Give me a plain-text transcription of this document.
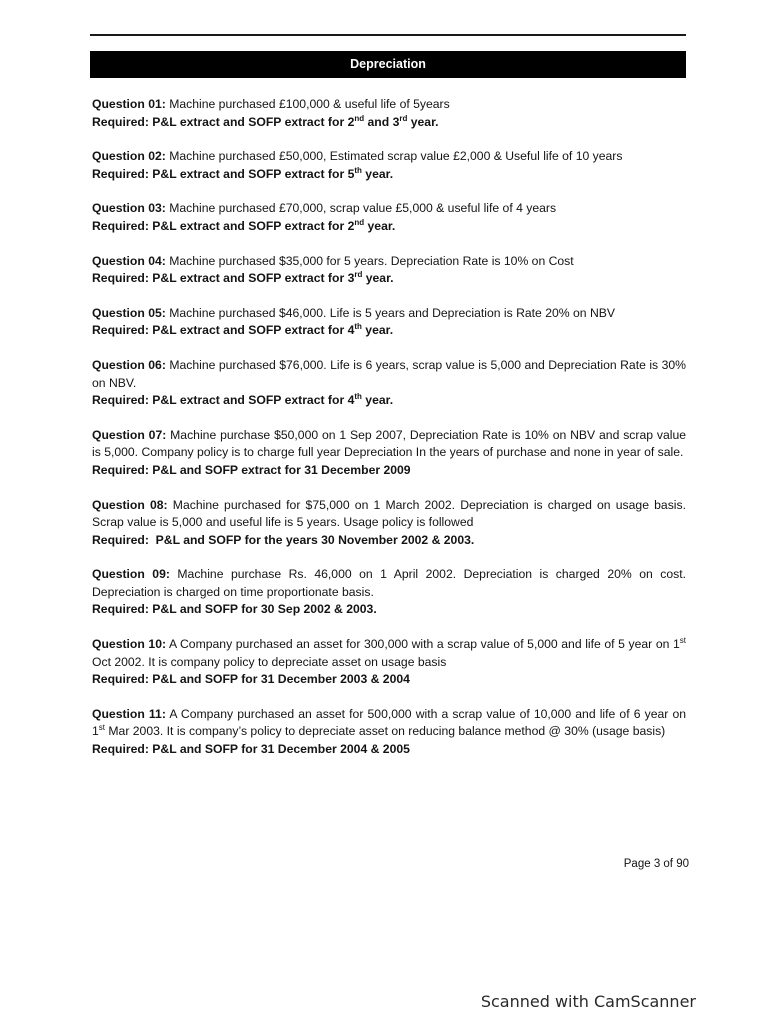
Depreciation
Question 01: Machine purchased £100,000 & useful life of 5years
Required: P&L extract and SOFP extract for 2nd and 3rd year.
Question 02: Machine purchased £50,000, Estimated scrap value £2,000 & Useful life of 10 years
Required: P&L extract and SOFP extract for 5th year.
Question 03: Machine purchased £70,000, scrap value £5,000 & useful life of 4 years
Required: P&L extract and SOFP extract for 2nd year.
Question 04: Machine purchased $35,000 for 5 years. Depreciation Rate is 10% on Cost
Required: P&L extract and SOFP extract for 3rd year.
Question 05: Machine purchased $46,000. Life is 5 years and Depreciation is Rate 20% on NBV
Required: P&L extract and SOFP extract for 4th year.
Question 06: Machine purchased $76,000. Life is 6 years, scrap value is 5,000 and Depreciation Rate is 30% on NBV.
Required: P&L extract and SOFP extract for 4th year.
Question 07: Machine purchase $50,000 on 1 Sep 2007, Depreciation Rate is 10% on NBV and scrap value is 5,000. Company policy is to charge full year Depreciation In the years of purchase and none in year of sale.
Required: P&L and SOFP extract for 31 December 2009
Question 08: Machine purchased for $75,000 on 1 March 2002. Depreciation is charged on usage basis. Scrap value is 5,000 and useful life is 5 years. Usage policy is followed
Required:  P&L and SOFP for the years 30 November 2002 & 2003.
Question 09: Machine purchase Rs. 46,000 on 1 April 2002. Depreciation is charged 20% on cost. Depreciation is charged on time proportionate basis.
Required: P&L and SOFP for 30 Sep 2002 & 2003.
Question 10: A Company purchased an asset for 300,000 with a scrap value of 5,000 and life of 5 year on 1st Oct 2002. It is company policy to depreciate asset on usage basis
Required: P&L and SOFP for 31 December 2003 & 2004
Question 11: A Company purchased an asset for 500,000 with a scrap value of 10,000 and life of 6 year on 1st Mar 2003. It is company’s policy to depreciate asset on reducing balance method @ 30% (usage basis)
Required: P&L and SOFP for 31 December 2004 & 2005
Page 3 of 90
Scanned with CamScanner
